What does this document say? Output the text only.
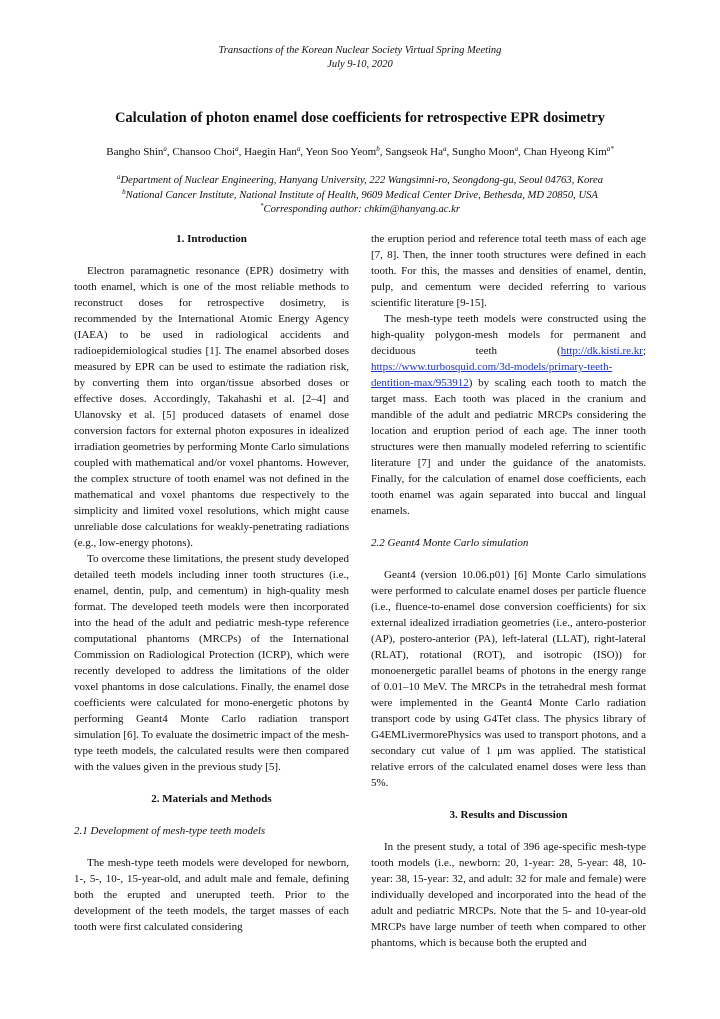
Transactions of the Korean Nuclear Society Virtual Spring Meeting
July 9-10, 2020
Calculation of photon enamel dose coefficients for retrospective EPR dosimetry
Bangho Shin$^a$, Chansoo Choi$^a$, Haegin Han$^a$, Yeon Soo Yeom$^b$, Sangseok Ha$^a$, Sungho Moon$^a$, Chan Hyeong Kim$^{a*}$
$^a$Department of Nuclear Engineering, Hanyang University, 222 Wangsimni-ro, Seongdong-gu, Seoul 04763, Korea
$^b$National Cancer Institute, National Institute of Health, 9609 Medical Center Drive, Bethesda, MD 20850, USA
*Corresponding author: chkim@hanyang.ac.kr
1. Introduction

Electron paramagnetic resonance (EPR) dosimetry with tooth enamel, which is one of the most reliable methods to reconstruct doses for retrospective dosimetry, is recommended by the International Atomic Energy Agency (IAEA) to be used in radiological accidents and radioepidemiological studies [1]. The enamel absorbed doses measured by EPR can be used to estimate the radiation risk, by converting them into organ/tissue absorbed doses or effective doses. Accordingly, Takahashi et al. [2–4] and Ulanovsky et al. [5] produced datasets of enamel dose conversion factors for external photon exposures in idealized irradiation geometries by performing Monte Carlo simulations coupled with mathematical and/or voxel phantoms. However, the complex structure of tooth enamel was not defined in the mathematical and voxel phantoms due respectively to the simplicity and limited voxel resolutions, which might cause unreliable dose calculations for weakly-penetrating radiations (e.g., low-energy photons).

To overcome these limitations, the present study developed detailed teeth models including inner tooth structures (i.e., enamel, dentin, pulp, and cementum) in high-quality mesh format. The developed teeth models were then incorporated into the head of the adult and pediatric mesh-type reference computational phantoms (MRCPs) of the International Commission on Radiological Protection (ICRP), which were recently developed to address the limitations of the older voxel phantoms in dose calculations. Finally, the enamel dose coefficients were calculated for mono-energetic photons by performing Geant4 Monte Carlo radiation transport simulation [6]. To evaluate the dosimetric impact of the mesh-type teeth models, the calculated results were then compared with the values given in the previous study [5].

2. Materials and Methods
2.1 Development of mesh-type teeth models

The mesh-type teeth models were developed for newborn, 1-, 5-, 10-, 15-year-old, and adult male and female, defining both the erupted and unerupted teeth. Prior to the development of the teeth models, the target masses of each tooth were first calculated considering

the eruption period and reference total teeth mass of each age [7, 8]. Then, the inner tooth structures were defined in each tooth. For this, the masses and densities of enamel, dentin, pulp, and cementum were decided referring to various scientific literature [9-15].

The mesh-type teeth models were constructed using the high-quality polygon-mesh models for permanent and deciduous teeth (http://dk.kisti.re.kr; https://www.turbosquid.com/3d-models/primary-teeth-dentition-max/953912) by scaling each tooth to match the target mass. Each tooth was placed in the cranium and mandible of the adult and pediatric MRCPs considering the location and eruption period of each age. The inner tooth structures were then manually modeled referring to scientific literature [7] and under the guidance of the anatomists. Finally, for the calculation of enamel dose coefficients, each tooth enamel was again separated into buccal and lingual enamels.

2.2 Geant4 Monte Carlo simulation

Geant4 (version 10.06.p01) [6] Monte Carlo simulations were performed to calculate enamel doses per particle fluence (i.e., fluence-to-enamel dose conversion coefficients) for six external idealized irradiation geometries (i.e., antero-posterior (AP), postero-anterior (PA), left-lateral (LLAT), right-lateral (RLAT), rotational (ROT), and isotropic (ISO)) for monoenergetic parallel beams of photons in the energy range of 0.01–10 MeV. The MRCPs in the tetrahedral mesh format were implemented in the Geant4 Monte Carlo radiation transport code by using G4Tet class. The physics library of G4EMLivermorePhysics was used to transport photons, and a secondary cut value of 1 μm was applied. The statistical relative errors of the calculated enamel doses were less than 5%.

3. Results and Discussion

In the present study, a total of 396 age-specific mesh-type tooth models (i.e., newborn: 20, 1-year: 28, 5-year: 48, 10-year: 38, 15-year: 32, and adult: 32 for male and female) were individually developed and incorporated into the head of the adult and pediatric MRCPs. Note that the 5- and 10-year-old MRCPs have large number of teeth when compared to other phantoms, which is because both the erupted and
